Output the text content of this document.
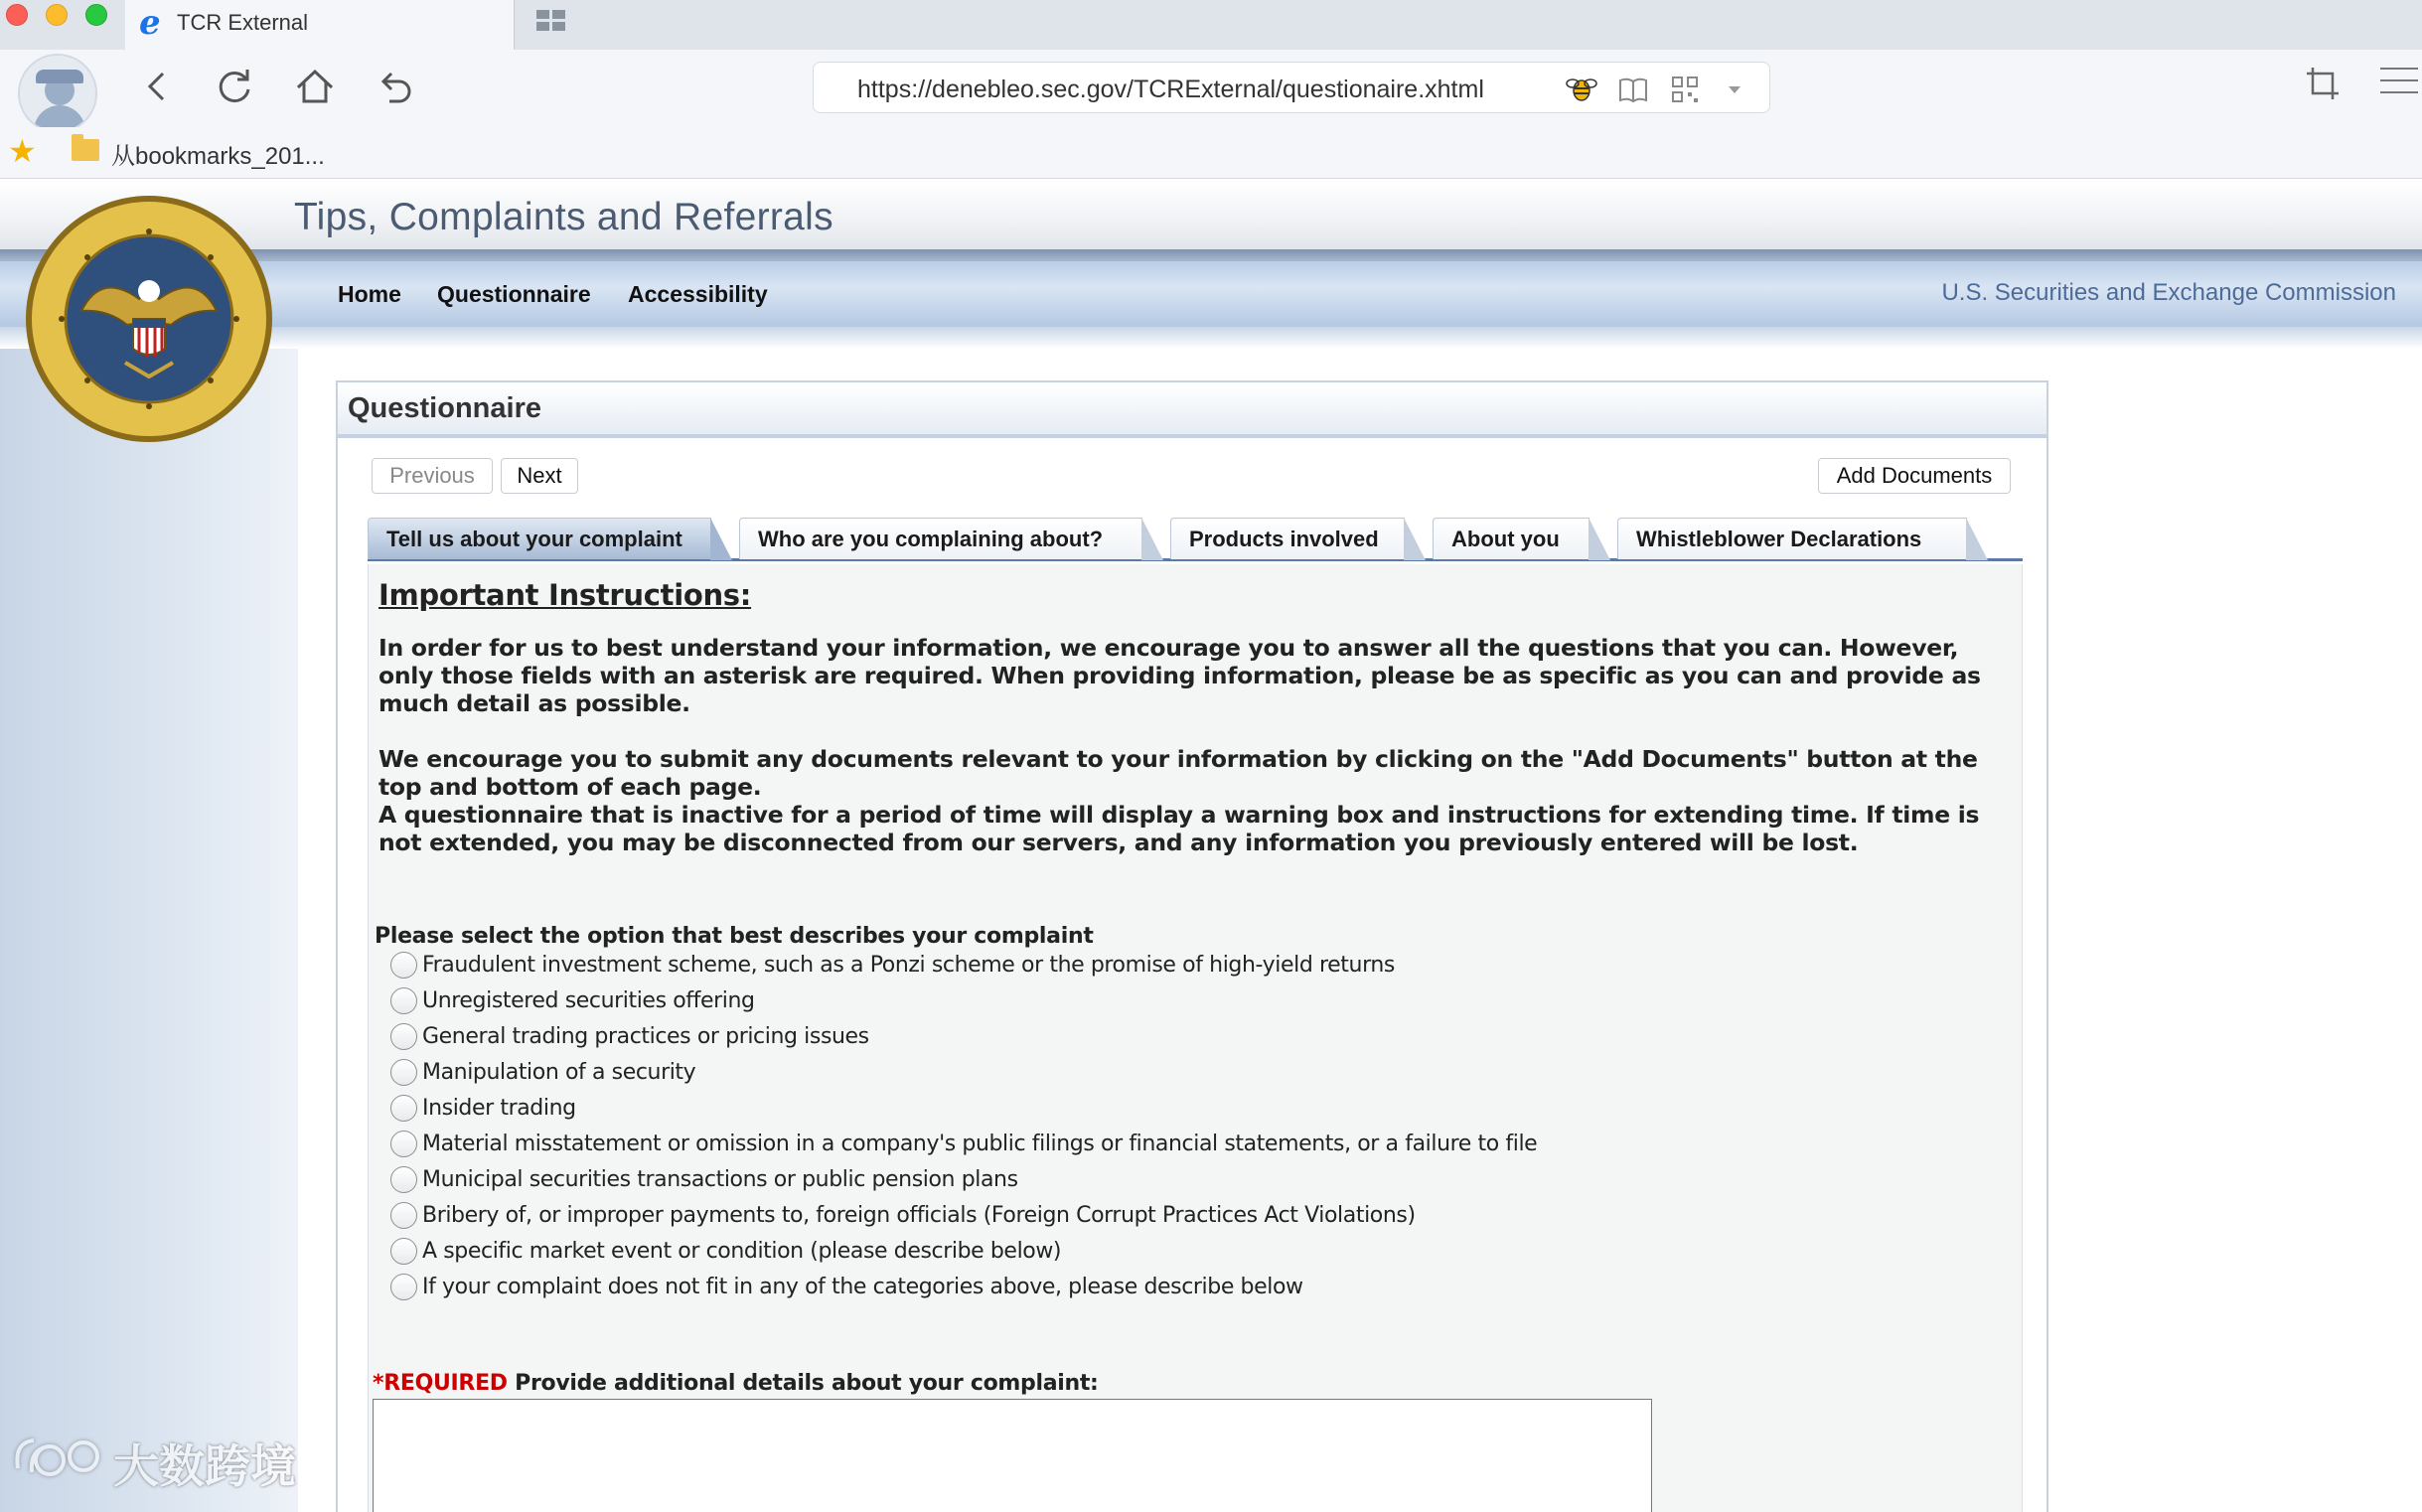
e TCR External
https://denebleo.sec.gov/TCRExternal/questionaire.xhtml
★	从bookmarks_201...
Tips, Complaints and Referrals
Home Questionnaire Accessibility	U.S. Securities and Exchange Commission
Questionnaire
Previous	Next	Add Documents
Tell us about your complaint	Who are you complaining about?	Products involved	About you	Whistleblower Declarations
Important Instructions:
In order for us to best understand your information, we encourage you to answer all the questions that you can. However, only those fields with an asterisk are required. When providing information, please be as specific as you can and provide as much detail as possible.
We encourage you to submit any documents relevant to your information by clicking on the "Add Documents" button at the top and bottom of each page.
A questionnaire that is inactive for a period of time will display a warning box and instructions for extending time. If time is not extended, you may be disconnected from our servers, and any information you previously entered will be lost.
Please select the option that best describes your complaint
Fraudulent investment scheme, such as a Ponzi scheme or the promise of high-yield returns
Unregistered securities offering
General trading practices or pricing issues
Manipulation of a security
Insider trading
Material misstatement or omission in a company's public filings or financial statements, or a failure to file
Municipal securities transactions or public pension plans
Bribery of, or improper payments to, foreign officials (Foreign Corrupt Practices Act Violations)
A specific market event or condition (please describe below)
If your complaint does not fit in any of the categories above, please describe below
*REQUIRED Provide additional details about your complaint:
大数跨境
